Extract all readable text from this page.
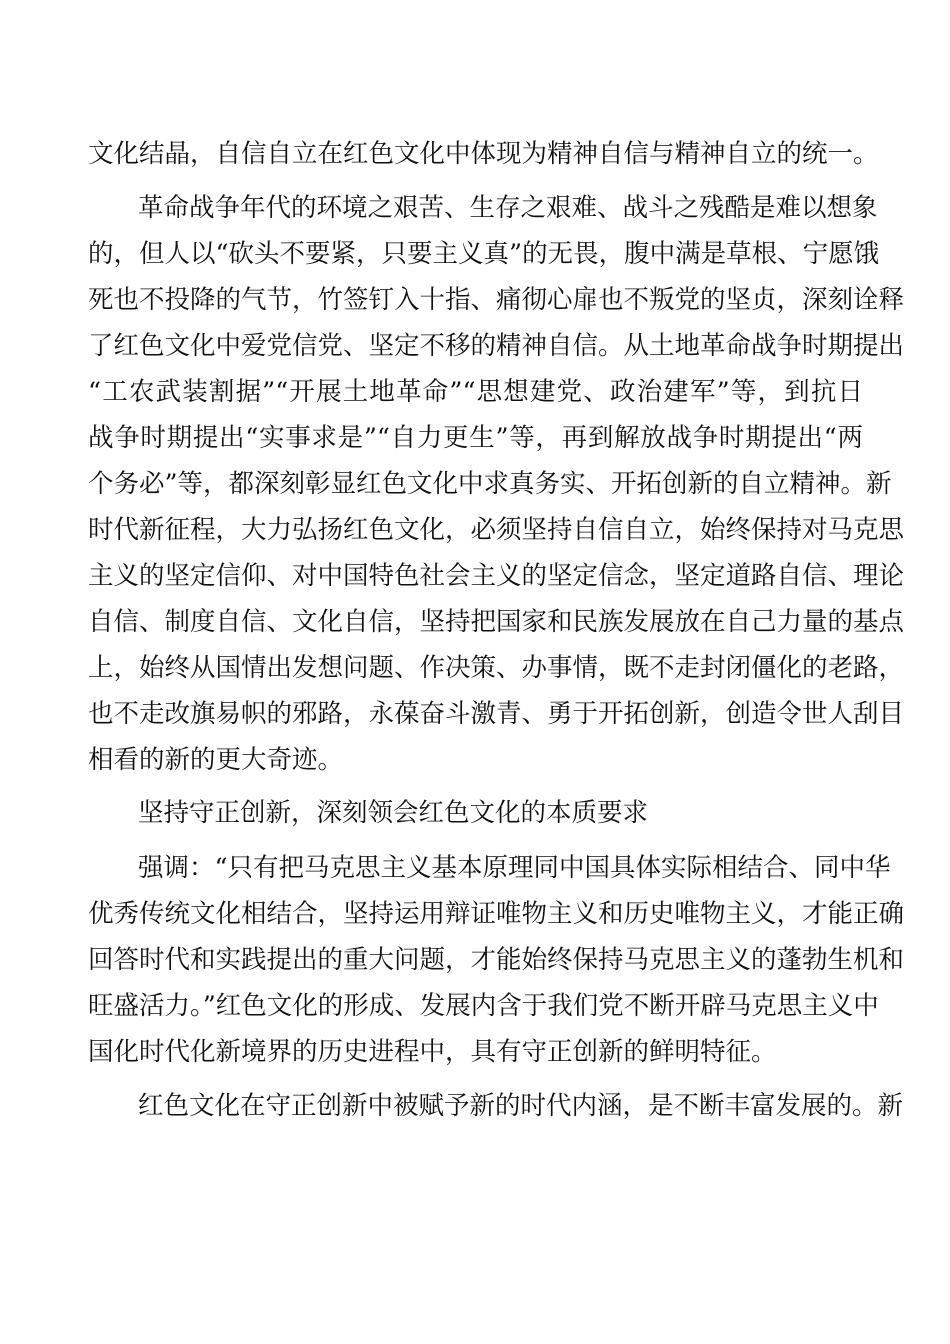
文化结晶，自信自立在红色文化中体现为精神自信与精神自立的统一。
革命战争年代的环境之艰苦、生存之艰难、战斗之残酷是难以想象
的，但人以“砍头不要紧，只要主义真”的无畏，腹中满是草根、宁愿饿
死也不投降的气节，竹签钉入十指、痛彻心扉也不叛党的坚贞，深刻诠释
了红色文化中爱党信党、坚定不移的精神自信。从土地革命战争时期提出
“工农武装割据”“开展土地革命”“思想建党、政治建军”等，到抗日
战争时期提出“实事求是”“自力更生”等，再到解放战争时期提出“两
个务必”等，都深刻彰显红色文化中求真务实、开拓创新的自立精神。新
时代新征程，大力弘扬红色文化，必须坚持自信自立，始终保持对马克思
主义的坚定信仰、对中国特色社会主义的坚定信念，坚定道路自信、理论
自信、制度自信、文化自信，坚持把国家和民族发展放在自己力量的基点
上，始终从国情出发想问题、作决策、办事情，既不走封闭僵化的老路，
也不走改旗易帜的邪路，永葆奋斗激青、勇于开拓创新，创造令世人刮目
相看的新的更大奇迹。
坚持守正创新，深刻领会红色文化的本质要求
强调：“只有把马克思主义基本原理同中国具体实际相结合、同中华
优秀传统文化相结合，坚持运用辩证唯物主义和历史唯物主义，才能正确
回答时代和实践提出的重大问题，才能始终保持马克思主义的蓬勃生机和
旺盛活力。”红色文化的形成、发展内含于我们党不断开辟马克思主义中
国化时代化新境界的历史进程中，具有守正创新的鲜明特征。
红色文化在守正创新中被赋予新的时代内涵，是不断丰富发展的。新
